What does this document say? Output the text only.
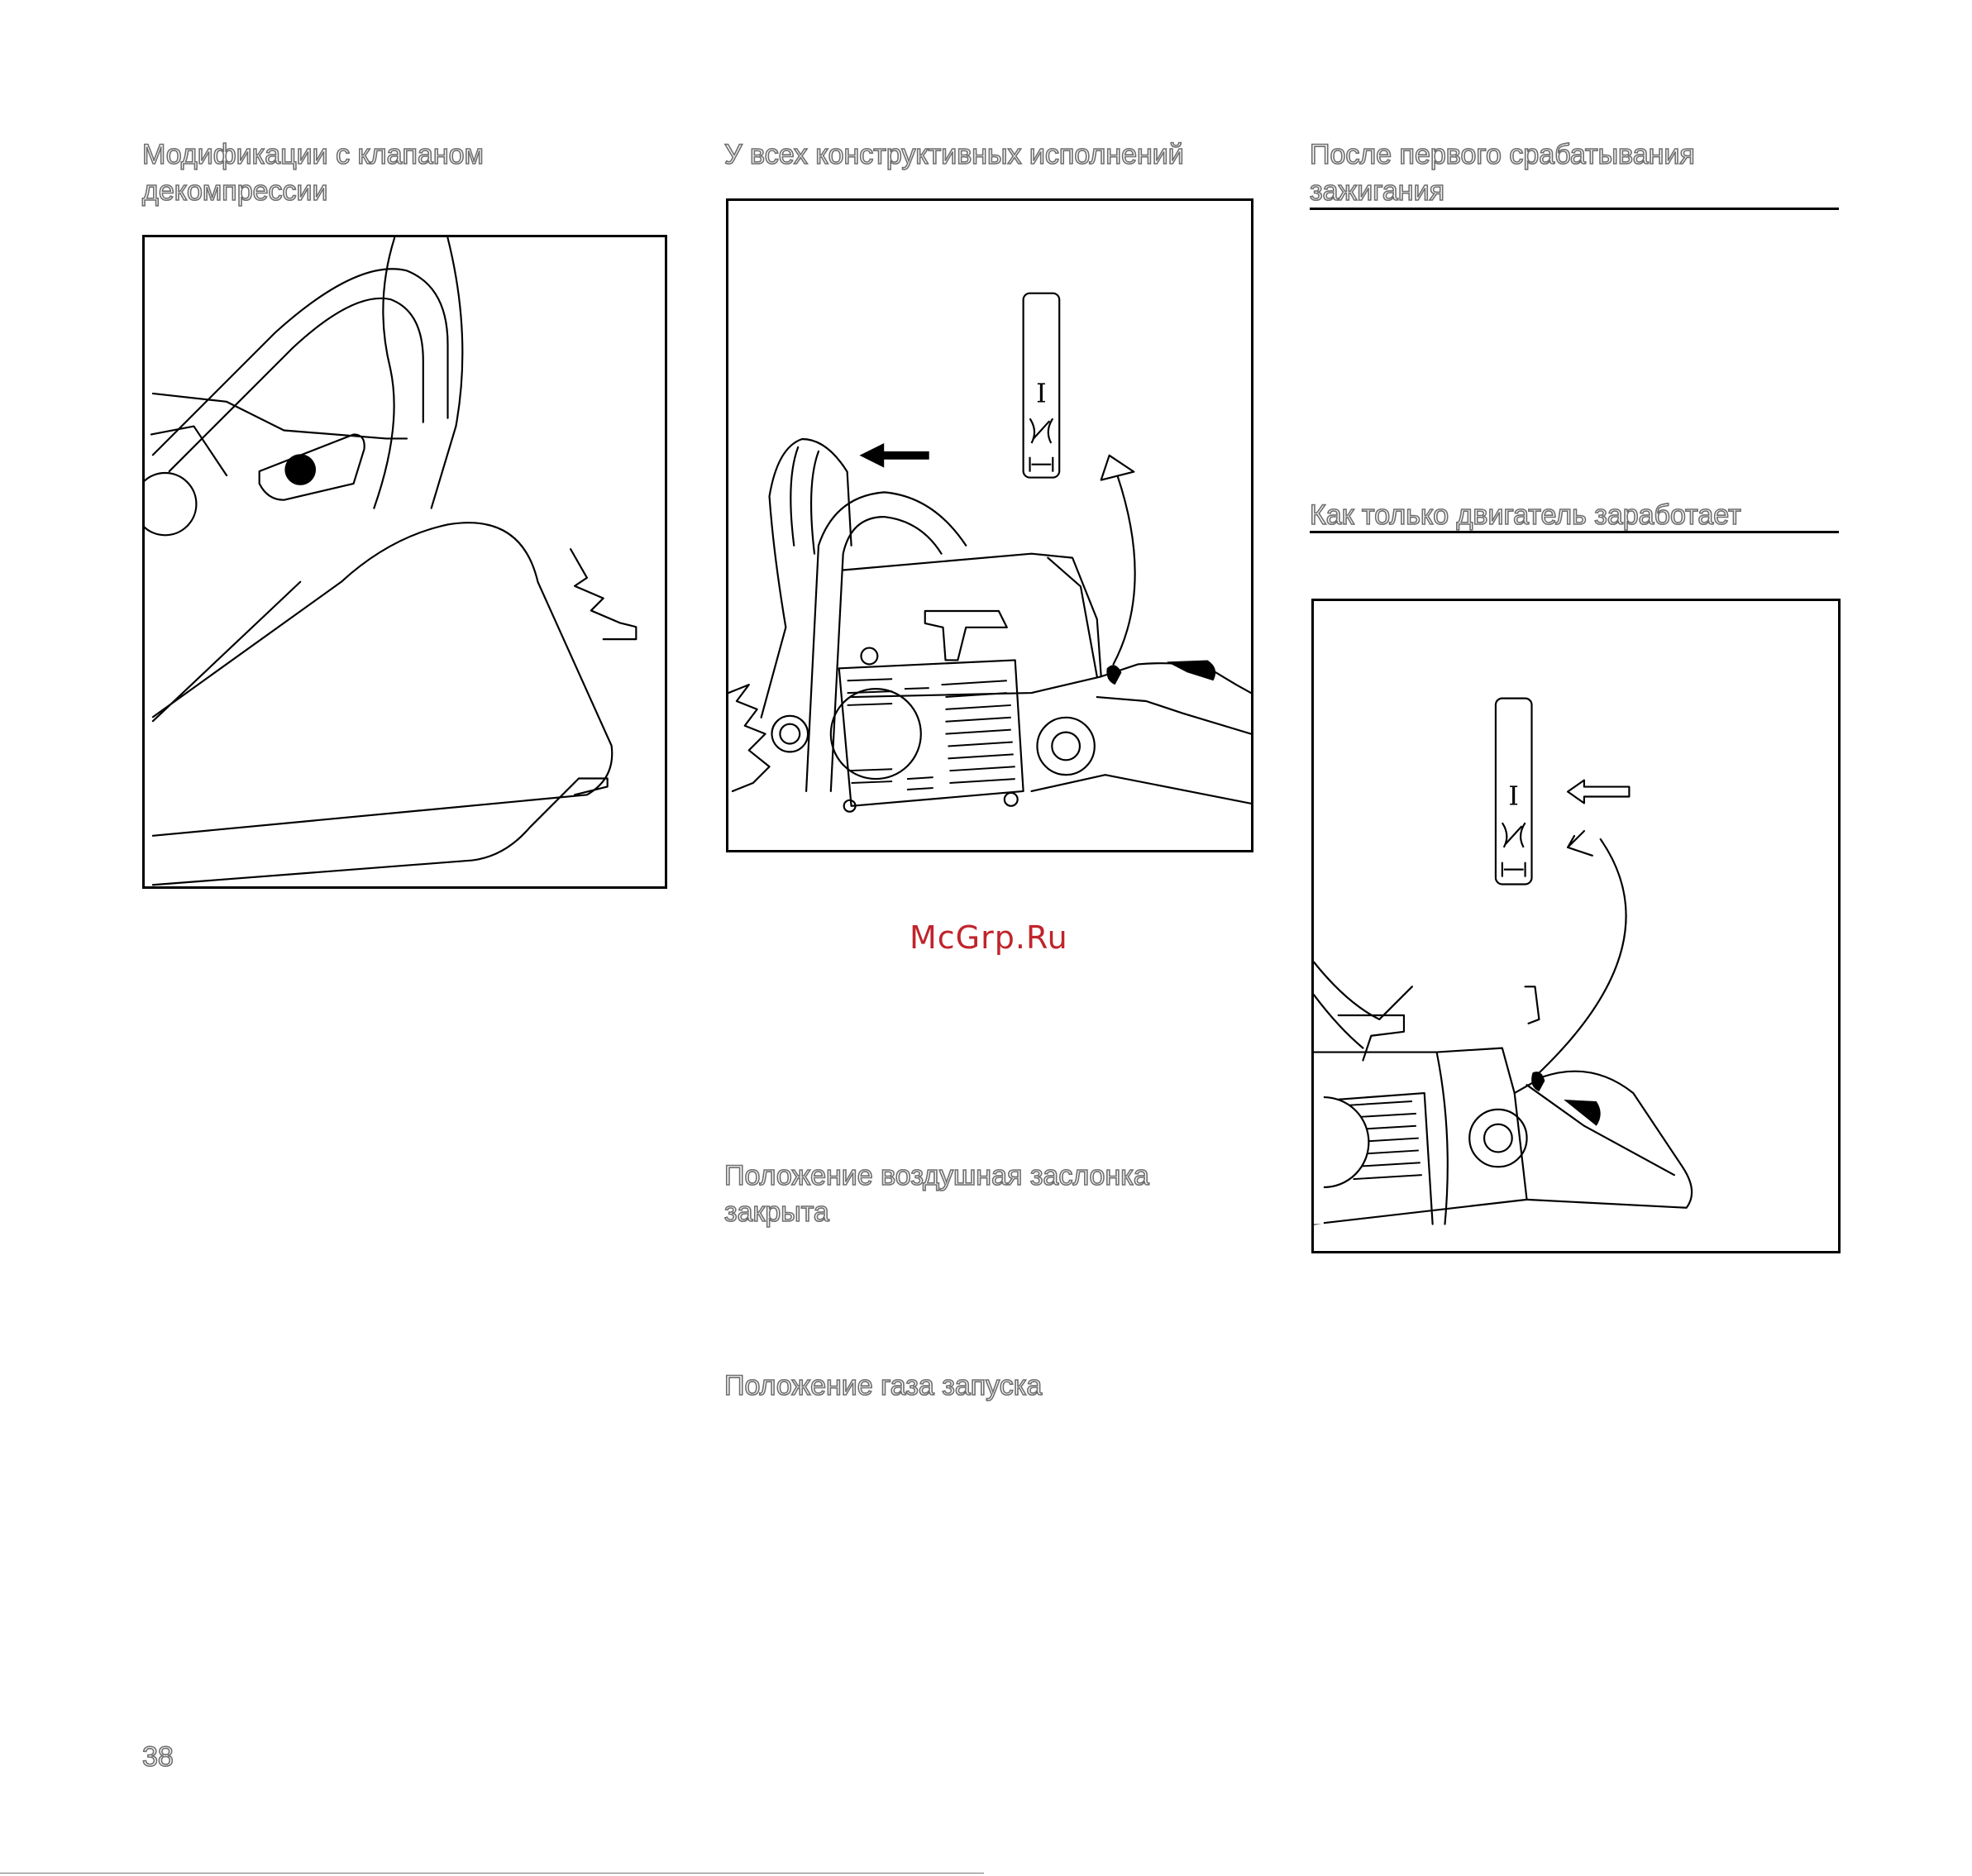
Модификации с клапаном декомпрессии
У всех конструктивных исполнений
I
После первого срабатывания зажигания
Как только двигатель заработает
I
Положение воздушная заслонка закрыта
Положение газа запуска
McGrp.Ru
38
